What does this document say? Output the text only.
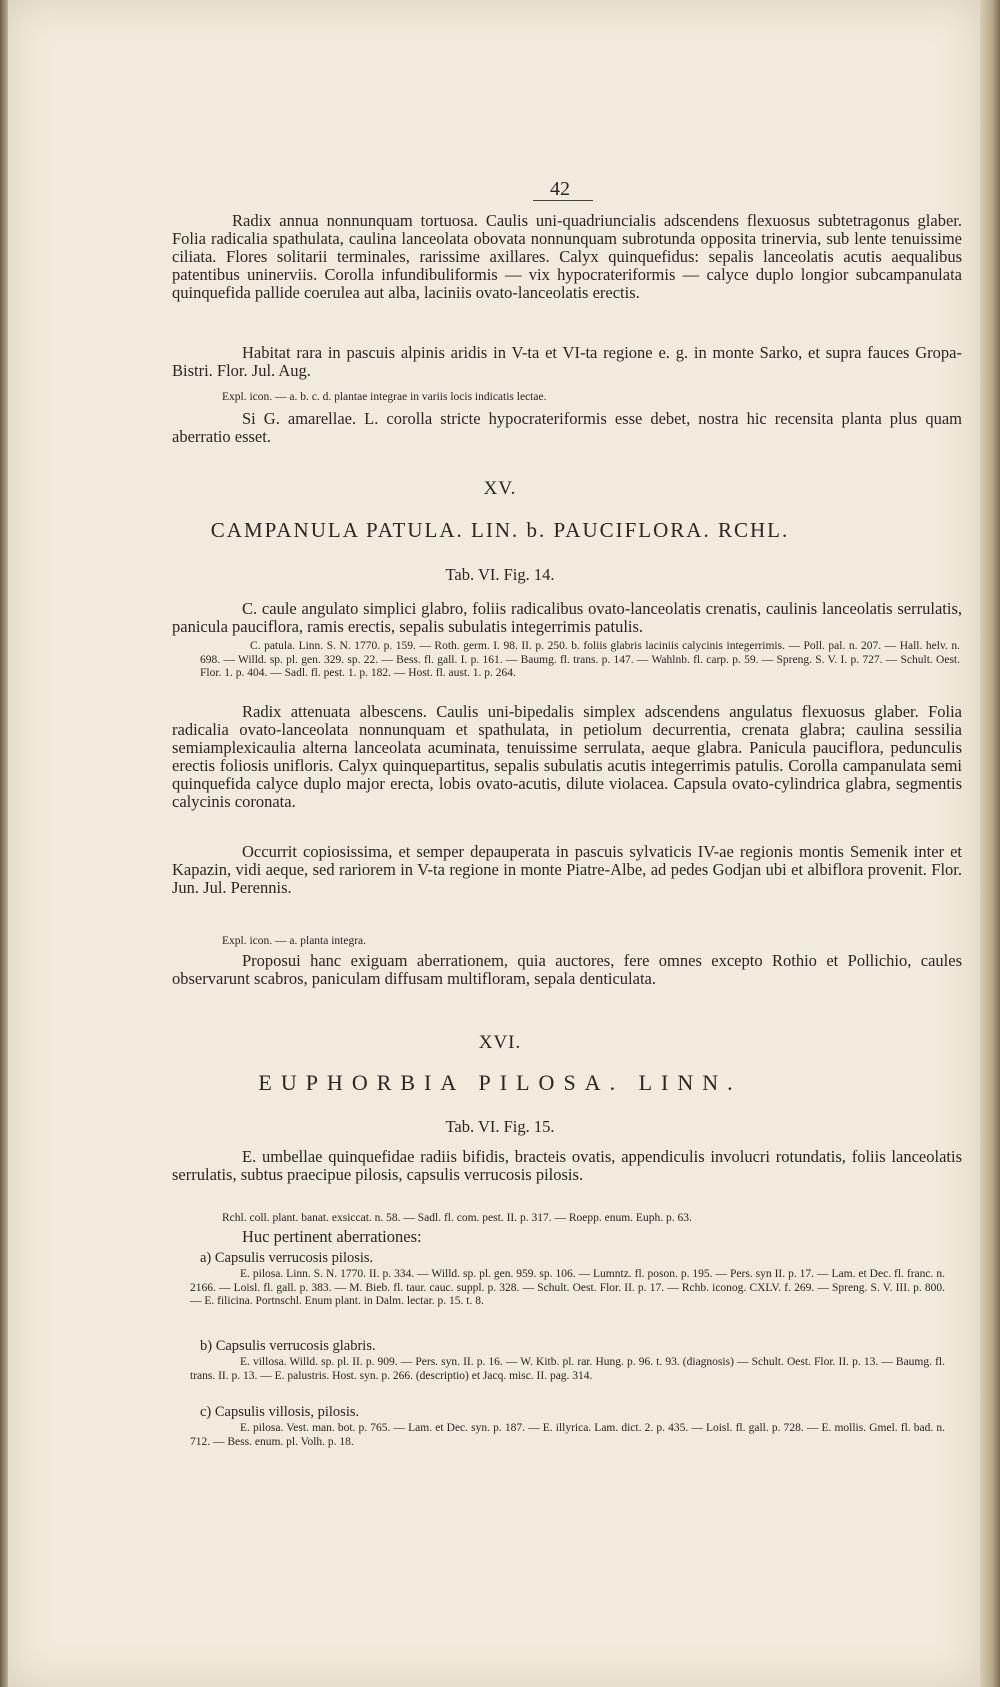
42
Radix annua nonnunquam tortuosa. Caulis uni-quadriuncialis adscendens flexuosus subtetragonus glaber. Folia radicalia spathulata, caulina lanceolata obovata nonnunquam subrotunda opposita trinervia, sub lente tenuissime ciliata. Flores solitarii terminales, rarissime axillares. Calyx quinquefidus: sepalis lanceolatis acutis aequalibus patentibus uninerviis. Corolla infundibuliformis — vix hypocrateriformis — calyce duplo longior subcampanulata quinquefida pallide coerulea aut alba, laciniis ovato-lanceolatis erectis.
Habitat rara in pascuis alpinis aridis in V-ta et VI-ta regione e. g. in monte Sarko, et supra fauces Gropa-Bistri. Flor. Jul. Aug.
Expl. icon. — a. b. c. d. plantae integrae in variis locis indicatis lectae.
Si G. amarellae. L. corolla stricte hypocrateriformis esse debet, nostra hic recensita planta plus quam aberratio esset.
XV.
CAMPANULA PATULA. LIN. b. PAUCIFLORA. RCHL.
Tab. VI. Fig. 14.
C. caule angulato simplici glabro, foliis radicalibus ovato-lanceolatis crenatis, caulinis lanceolatis serrulatis, panicula pauciflora, ramis erectis, sepalis subulatis integerrimis patulis.
C. patula. Linn. S. N. 1770. p. 159. — Roth. germ. I. 98. II. p. 250. b. foliis glabris laciniis calycinis integerrimis. — Poll. pal. n. 207. — Hall. helv. n. 698. — Willd. sp. pl. gen. 329. sp. 22. — Bess. fl. gall. I. p. 161. — Baumg. fl. trans. p. 147. — Wahlnb. fl. carp. p. 59. — Spreng. S. V. I. p. 727. — Schult. Oest. Flor. 1. p. 404. — Sadl. fl. pest. 1. p. 182. — Host. fl. aust. 1. p. 264.
Radix attenuata albescens. Caulis uni-bipedalis simplex adscendens angulatus flexuosus glaber. Folia radicalia ovato-lanceolata nonnunquam et spathulata, in petiolum decurrentia, crenata glabra; caulina sessilia semiamplexicaulia alterna lanceolata acuminata, tenuissime serrulata, aeque glabra. Panicula pauciflora, pedunculis erectis foliosis unifloris. Calyx quinquepartitus, sepalis subulatis acutis integerrimis patulis. Corolla campanulata semi quinquefida calyce duplo major erecta, lobis ovato-acutis, dilute violacea. Capsula ovato-cylindrica glabra, segmentis calycinis coronata.
Occurrit copiosissima, et semper depauperata in pascuis sylvaticis IV-ae regionis montis Semenik inter et Kapazin, vidi aeque, sed rariorem in V-ta regione in monte Piatre-Albe, ad pedes Godjan ubi et albiflora provenit. Flor. Jun. Jul. Perennis.
Expl. icon. — a. planta integra.
Proposui hanc exiguam aberrationem, quia auctores, fere omnes excepto Rothio et Pollichio, caules observarunt scabros, paniculam diffusam multifloram, sepala denticulata.
XVI.
EUPHORBIA PILOSA. LINN.
Tab. VI. Fig. 15.
E. umbellae quinquefidae radiis bifidis, bracteis ovatis, appendiculis involucri rotundatis, foliis lanceolatis serrulatis, subtus praecipue pilosis, capsulis verrucosis pilosis.
Rchl. coll. plant. banat. exsiccat. n. 58. — Sadl. fl. com. pest. II. p. 317. — Roepp. enum. Euph. p. 63.
Huc pertinent aberrationes:
a) Capsulis verrucosis pilosis.
E. pilosa. Linn. S. N. 1770. II. p. 334. — Willd. sp. pl. gen. 959. sp. 106. — Lumntz. fl. poson. p. 195. — Pers. syn II. p. 17. — Lam. et Dec. fl. franc. n. 2166. — Loisl. fl. gall. p. 383. — M. Bieb. fl. taur. cauc. suppl. p. 328. — Schult. Oest. Flor. II. p. 17. — Rchb. iconog. CXLV. f. 269. — Spreng. S. V. III. p. 800. — E. filicina. Portnschl. Enum plant. in Dalm. lectar. p. 15. t. 8.
b) Capsulis verrucosis glabris.
E. villosa. Willd. sp. pl. II. p. 909. — Pers. syn. II. p. 16. — W. Kitb. pl. rar. Hung. p. 96. t. 93. (diagnosis) — Schult. Oest. Flor. II. p. 13. — Baumg. fl. trans. II. p. 13. — E. palustris. Host. syn. p. 266. (descriptio) et Jacq. misc. II. pag. 314.
c) Capsulis villosis, pilosis.
E. pilosa. Vest. man. bot. p. 765. — Lam. et Dec. syn. p. 187. — E. illyrica. Lam. dict. 2. p. 435. — Loisl. fl. gall. p. 728. — E. mollis. Gmel. fl. bad. n. 712. — Bess. enum. pl. Volh. p. 18.
